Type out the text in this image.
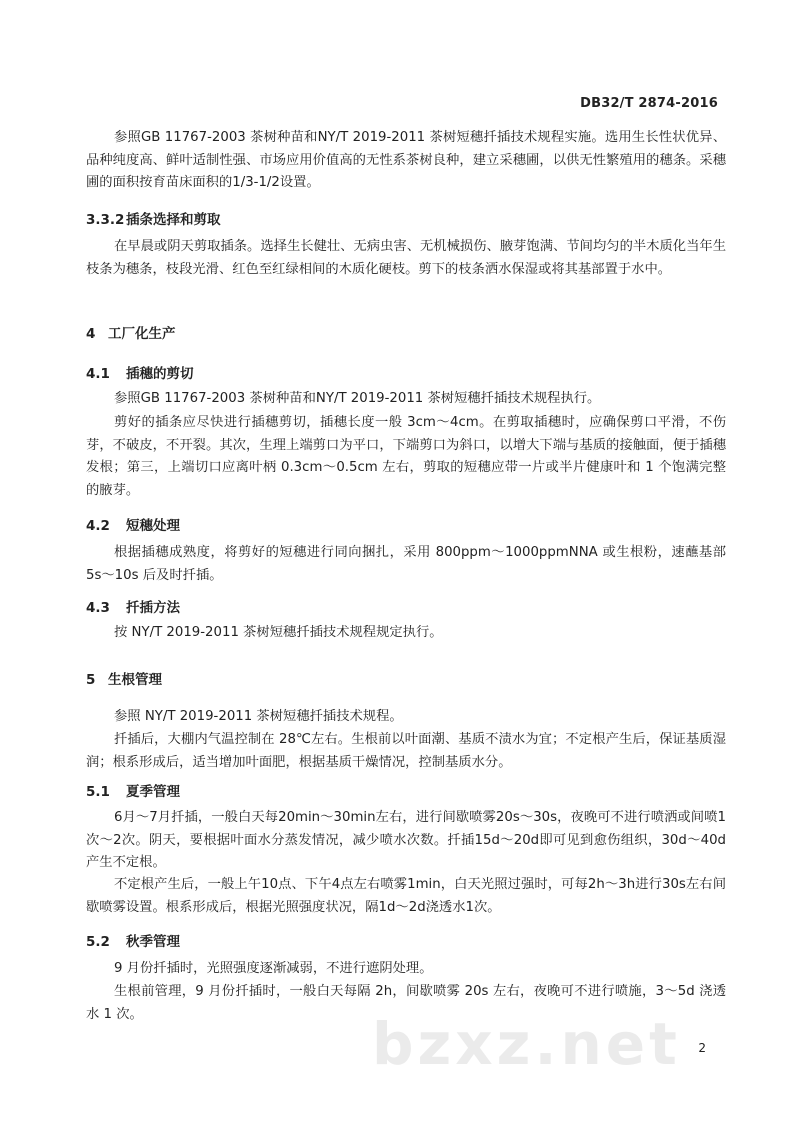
DB32/T 2874-2016
参照GB 11767-2003 茶树种苗和NY/T 2019-2011 茶树短穗扦插技术规程实施。选用生长性状优异、品种纯度高、鲜叶适制性强、市场应用价值高的无性系茶树良种，建立采穗圃，以供无性繁殖用的穗条。采穗圃的面积按育苗床面积的1/3-1/2设置。
3.3.2 插条选择和剪取
在早晨或阴天剪取插条。选择生长健壮、无病虫害、无机械损伤、腋芽饱满、节间均匀的半木质化当年生枝条为穗条，枝段光滑、红色至红绿相间的木质化硬枝。剪下的枝条洒水保湿或将其基部置于水中。
4 工厂化生产
4.1 插穗的剪切
参照GB 11767-2003 茶树种苗和NY/T 2019-2011 茶树短穗扦插技术规程执行。
剪好的插条应尽快进行插穗剪切，插穗长度一般 3cm～4cm。在剪取插穗时，应确保剪口平滑，不伤芽，不破皮，不开裂。其次，生理上端剪口为平口，下端剪口为斜口，以增大下端与基质的接触面，便于插穗发根；第三，上端切口应离叶柄 0.3cm～0.5cm 左右，剪取的短穗应带一片或半片健康叶和 1 个饱满完整的腋芽。
4.2 短穗处理
根据插穗成熟度，将剪好的短穗进行同向捆扎，采用 800ppm～1000ppmNNA 或生根粉，速蘸基部 5s～10s 后及时扦插。
4.3 扦插方法
按 NY/T 2019-2011 茶树短穗扦插技术规程规定执行。
5 生根管理
参照 NY/T 2019-2011 茶树短穗扦插技术规程。
扦插后，大棚内气温控制在 28℃左右。生根前以叶面潮、基质不渍水为宜；不定根产生后，保证基质湿润；根系形成后，适当增加叶面肥，根据基质干燥情况，控制基质水分。
5.1 夏季管理
6月～7月扦插，一般白天每20min～30min左右，进行间歇喷雾20s～30s，夜晚可不进行喷洒或间喷1次～2次。阴天，要根据叶面水分蒸发情况，减少喷水次数。扦插15d～20d即可见到愈伤组织，30d～40d 产生不定根。
不定根产生后，一般上午10点、下午4点左右喷雾1min，白天光照过强时，可每2h～3h进行30s左右间歇喷雾设置。根系形成后，根据光照强度状况，隔1d～2d浇透水1次。
5.2 秋季管理
9 月份扦插时，光照强度逐渐减弱，不进行遮阴处理。
生根前管理，9 月份扦插时，一般白天每隔 2h，间歇喷雾 20s 左右，夜晚可不进行喷施，3～5d 浇透水 1 次。	bzxz.net 2
